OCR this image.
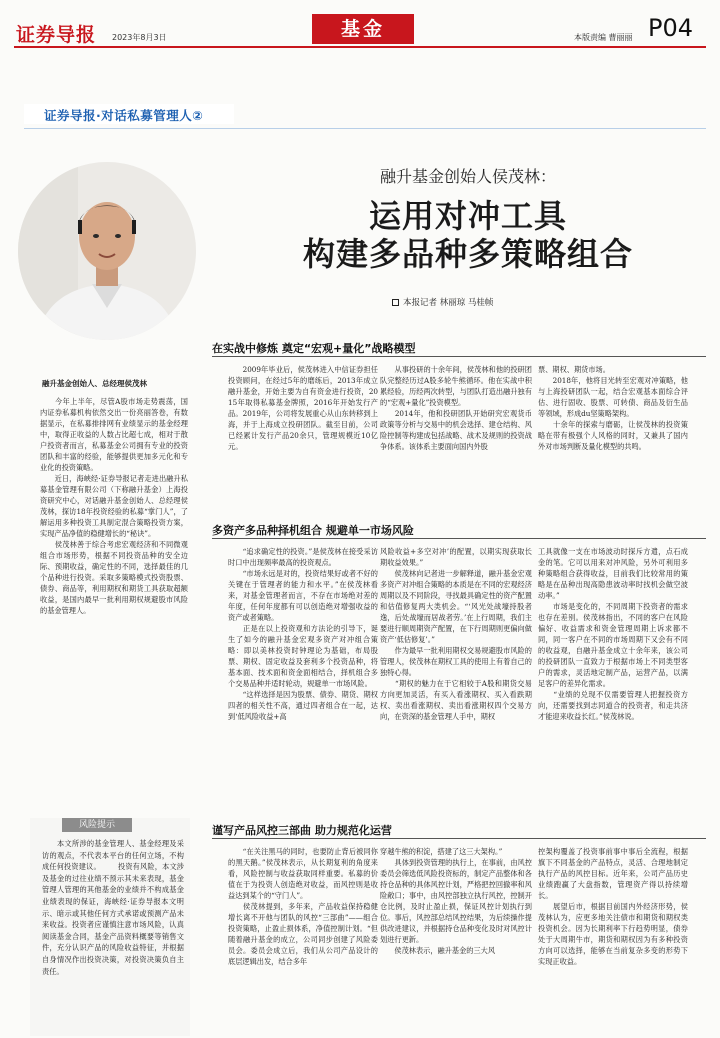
证券导报 2023年8月3日	基金	本版责编 曹丽丽 P04
证券导报·对话私募管理人②
融升基金创始人、总经理侯茂林
融升基金创始人侯茂林：
运用对冲工具
构建多品种多策略组合
本报记者 林丽琼 马桂帧
　　今年上半年，尽管A股市场走势震荡，国内证券私募机构依然交出一份亮丽答卷，有数据显示，在私募排排网有业绩显示的基金经理中，取得正收益的人数占比超七成，相对于散户投资者而言，私募基金公司拥有专业的投资团队和丰富的经验，能够提供更加多元化和专业化的投资策略。
　　近日，海峡经·证券导报记者走进出融升私募基金管理有限公司（下称融升基金）上海投资研究中心，对话融升基金创始人、总经理侯茂林，探访18年投资经验的私募“掌门人”，了解运用多种投资工具制定混合策略投资方案，实现产品净值的稳健增长的“秘诀”。
　　侯茂林善于综合考虑宏观经济和不同微观组合市场形势，根据不同投资品种的安全边际、预期收益，确定性的不同，选择最佳的几个品种进行投资。采取多策略模式投资股票、债券、商品等，利用期权和期货工具获取超额收益，是国内最早一批利用期权规避股市风险的基金管理人。
在实战中修炼 奠定“宏观+量化”战略模型
　　2009年毕业后，侯茂林进入中信证券担任投资顾问，在经过5年的磨练后，2013年成立融升基金，开始主要为自有资金进行投资，2015年取得私募基金牌照，2016年开始发行产品。2019年，公司将发展重心从山东转移到上海，并于上海成立投研团队。截至目前，公司已经累计发行产品20余只，管理规模近10亿元。
　　从事投研的十余年间，侯茂林和他的投研团队完整经历过A股多轮牛熊循环。他在实战中积累经验，历经两次转型，与团队打造出融升独有的“宏观+量化”投资模型。
　　2014年，他和投研团队开始研究宏观货币政策等分析与交易中的机会选择、建仓结构、风险控制等构建成包括战略、战术及规则的投资战争体系。该体系主要面向国内外股
票、期权、期货市场。
　　2018年，他将目光转至宏观对冲策略，他与上海投研团队一起，结合宏观基本面综合评估、进行固收、股票、可转债、商品及衍生品等领域，形成du坚策略架构。
　　十余年的探索与磨砺，让侯茂林的投资策略在带有极强个人风格的同时，又兼具了国内外对市场判断及量化模型的共鸣。
多资产多品种择机组合 规避单一市场风险
　　“追求确定性的投资。”是侯茂林在接受采访时口中出现频率最高的投资观点。
　　“市场永远是对的，投资结果好或者不好的关键在于管理者的能力和水平。”在侯茂林看来，对基金管理者而言，不存在市场绝对差的年度，任何年度都有可以创造绝对增强收益的资产或者策略。
　　正是在以上投资观和方法论的引导下，诞生了如今的融升基金宏观多资产对冲组合策略：即以美林投资时钟理论为基础，布局股票、期权、固定收益及套利多个投资品种，将基本面、技术面和资金面相结合，择机组合多个交易品种并适时轮动，规避单一市场风险。
　　“这样选择是因为股票、债券、期货、期权四者的相关性不高，通过四者组合在一起，达到‘低风险收益+高
风险收益+多空对冲’的配置，以期实现获取长期收益效果。”
　　侯茂林向记者进一步解释道，融升基金宏观多资产对冲组合策略的本质是在不同的宏观经济周期以及不同阶段，寻找最具确定性的资产配置和估值修复两大类机会。“‘风光处战壕持股者逸，后处战壕而居战者劳。’在上行周期，我们主要进行顺周期资产配置，在下行周期则更偏向做资产‘低估修复’。”
　　作为最早一批利用期权交易规避股市风险的管理人，侯茂林在期权工具的使用上有着自己的独特心得。
　　“期权的魅力在于它相较于A股和期货交易方向更加灵活，有买入看涨期权、买入看跌期权、卖出看涨期权、卖出看涨期权四个交易方向，在资深的基金管理人手中，期权
工具就像一支在市场波动时探斥方遣，点石成金的笔。它可以用来对冲风险，另外可利用多种策略组合获得收益，目前我们比较常用的策略是在品种出现高隐患波动率时找机会做空波动率。”
　　市场是变化的，不同周期下投资者的需求也存在差别。侯茂林指出，不同的客户在风险偏好、收益需求和资金管理周期上诉求都不同，同一客户在不同的市场周期下又会有不同的收益观，自融升基金成立十余年来，该公司的投研团队一直致力于根据市场上不同类型客户的需求，灵活地定制产品，运营产品，以满足客户的差异化需求。
　　“业绩的兑现不仅需要管理人把握投资方向，还需要找到志同道合的投资者，和走共济才能迎来收益长红。”侯茂林说。
谨写产品风控三部曲 助力规范化运营
　　“在关注黑马的同时，也要防止背后被同你的黑天鹅。”侯茂林表示，从长期复利的角度来看，风险控制与收益获取同样重要。私募的价值在于为投资人创造绝对收益，而风控则是收益达到某个的“守门人”。
　　侯茂林提到，多年来，产品收益保持稳健增长离不开他与团队的风控“三部曲”——组合投资策略，止盈止损体系，净值控制计划。“但随着融升基金的成立，公司同步创建了风险委员会。委员会成立后，我们从公司产品设计的底层逻辑出发，结合多年
穿越牛熊的积淀，搭建了这三大架构。”
　　具体到投资管理的执行上，在事前，由风控委员会筛选低风险投资标的，制定产品整体和各持仓品种的具体风控计划，严格把控回撤率和风险敞口；事中，由风控部独立执行风控，控制开仓比例，及时止盈止损，保证风控计划执行到位。事后，风控部总结风控结果，为后续操作提供改进建议，并根据持仓品种变化及时对风控计划进行更新。
　　侯茂林表示，融升基金的三大风
控架构覆盖了投资事前事中事后全流程，根据旗下不同基金的产品特点，灵活、合理地制定执行产品的风控目标。近年来，公司产品历史业绩跑赢了大盘指数，管理资产得以持续增长。
　　展望后市，根据目前国内外经济形势，侯茂林认为，应更多地关注债市和期货和期权类投资机会。因为长期利率下行趋势明显，债券处于大周期牛市，期货和期权因为有多种投资方向可以选择，能够在当前复杂多变的形势下实现正收益。
风险提示
　　本文所涉的基金管理人、基金经理及采访的观点，不代表本平台的任何立场，不构成任何投资建议。 　　投资有风险，本文涉及基金的过往业绩不预示其未来表现，基金管理人管理的其他基金的业绩并不构成基金业绩表现的保证，海峡经·证券导报本文明示、暗示或其他任何方式承诺或预测产品未来收益。投资者应谨慎注意市场风险，认真阅读基金合同，基金产品资料概要等销售文件，充分认识产品的风险收益特征，并根据自身情况作出投资决策，对投资决策负自主责任。
